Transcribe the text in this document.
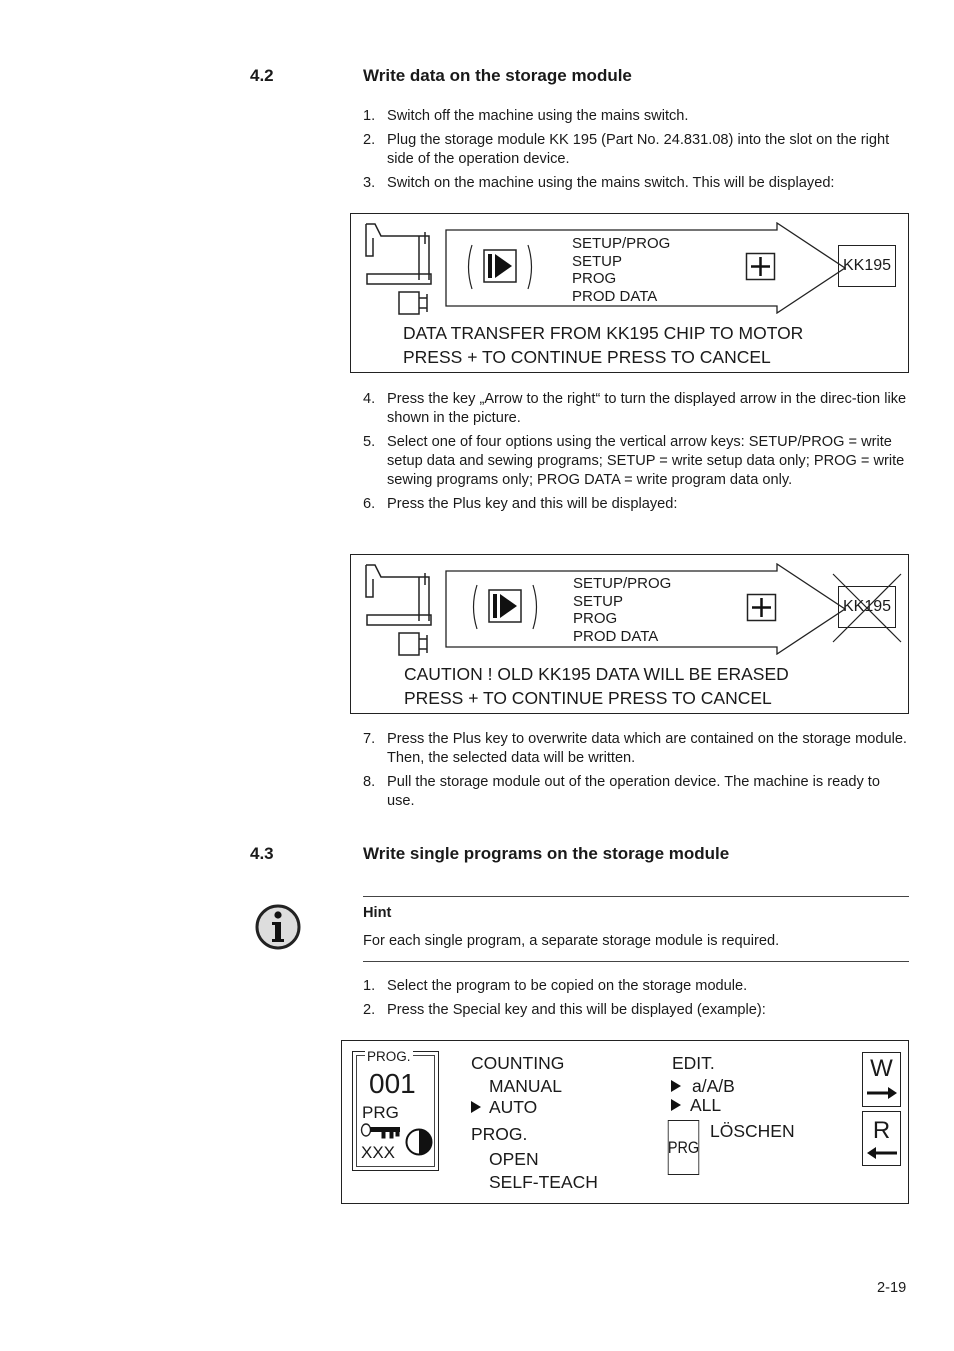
4.2	Write data on the storage module
1. Switch off the machine using the mains switch.
2. Plug the storage module KK 195 (Part No. 24.831.08) into the slot on the right side of the operation device.
3. Switch on the machine using the mains switch. This will be displayed:
SETUP/PROG
SETUP
PROG
PROD DATA
KK195
DATA TRANSFER FROM KK195 CHIP TO MOTOR
PRESS + TO CONTINUE PRESS TO CANCEL
4. Press the key „Arrow to the right“ to turn the displayed arrow in the direc-tion like shown in the picture.
5. Select one of four options using the vertical arrow keys: SETUP/PROG = write setup data and sewing programs; SETUP = write setup data only; PROG = write sewing programs only; PROG DATA = write program data only.
6. Press the Plus key and this will be displayed:
SETUP/PROG
SETUP
PROG
PROD DATA
KK195
CAUTION ! OLD KK195 DATA WILL BE ERASED
PRESS + TO CONTINUE PRESS TO CANCEL
7. Press the Plus key to overwrite data which are contained on the storage module. Then, the selected data will be written.
8. Pull the storage module out of the operation device. The machine is ready to use.
4.3	Write single programs on the storage module
Hint
For each single program, a separate storage module is required.
1. Select the program to be copied on the storage module.
2. Press the Special key and this will be displayed (example):
PROG.
001
PRG
XXX
COUNTING
MANUAL
AUTO
PROG.
OPEN
SELF-TEACH
EDIT.
a/A/B
ALL
PRG
LÖSCHEN
W
R
2-19
